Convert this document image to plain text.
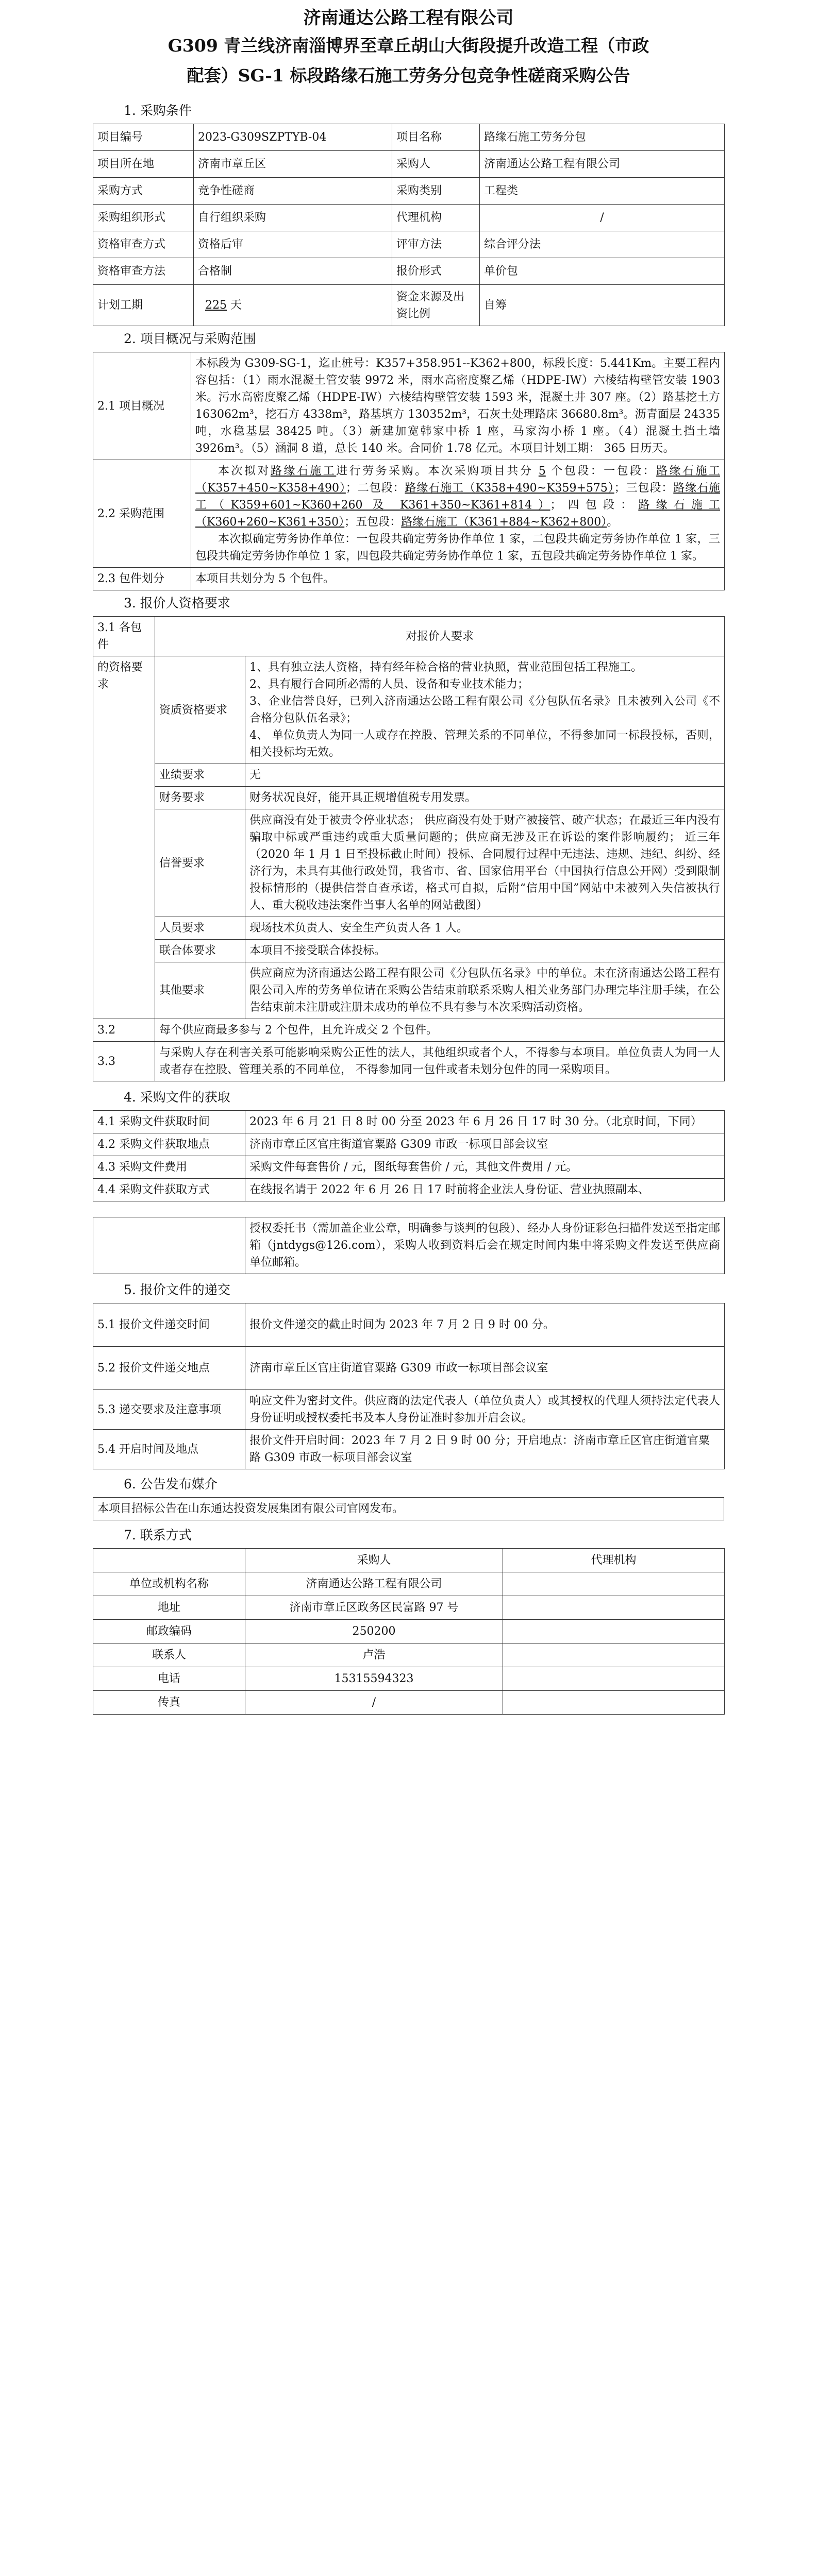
济南通达公路工程有限公司
G309 青兰线济南淄博界至章丘胡山大街段提升改造工程（市政
配套）SG-1 标段路缘石施工劳务分包竞争性磋商采购公告
1. 采购条件
项目编号	2023-G309SZPTYB-04	项目名称	路缘石施工劳务分包
项目所在地	济南市章丘区	采购人	济南通达公路工程有限公司
采购方式	竞争性磋商	采购类别	工程类
采购组织形式	自行组织采购	代理机构	/
资格审查方式	资格后审	评审方法	综合评分法
资格审查方法	合格制	报价形式	单价包
计划工期	225 天	资金来源及出资比例	自筹
2. 项目概况与采购范围
2.1 项目概况	本标段为 G309-SG-1，迄止桩号：K357+358.951--K362+800，标段长度：5.441Km。主要工程内容包括：（1）雨水混凝土管安装 9972 米，雨水高密度聚乙烯（HDPE-IW）六棱结构壁管安装 1903 米。污水高密度聚乙烯（HDPE-IW）六棱结构壁管安装 1593 米，混凝土井 307 座。（2）路基挖土方 163062m³，挖石方 4338m³，路基填方 130352m³，石灰土处理路床 36680.8m³。沥青面层 24335 吨，水稳基层 38425 吨。（3）新建加宽韩家中桥 1 座，马家沟小桥 1 座。（4）混凝土挡土墙 3926m³。（5）涵洞 8 道，总长 140 米。合同价 1.78 亿元。本项目计划工期： 365 日历天。
2.2 采购范围	本次拟对路缘石施工进行劳务采购。本次采购项目共分 5 个包段：一包段：路缘石施工（K357+450~K358+490）；二包段：路缘石施工（K358+490~K359+575）；三包段：路缘石施工（K359+601~K360+260 及 K361+350~K361+814）；四包段：路缘石施工（K360+260~K361+350）；五包段：路缘石施工（K361+884~K362+800）。

本次拟确定劳务协作单位：一包段共确定劳务协作单位 1 家，二包段共确定劳务协作单位 1 家，三包段共确定劳务协作单位 1 家，四包段共确定劳务协作单位 1 家，五包段共确定劳务协作单位 1 家。

2.3 包件划分	本项目共划分为 5 个包件。
3. 报价人资格要求
3.1 各包件	对报价人要求	
的资格要求	资质资格要求	1、具有独立法人资格，持有经年检合格的营业执照，营业范围包括工程施工。

2、具有履行合同所必需的人员、设备和专业技术能力；

3、企业信誉良好，已列入济南通达公路工程有限公司《分包队伍名录》且未被列入公司《不合格分包队伍名录》；

4、 单位负责人为同一人或存在控股、管理关系的不同单位，不得参加同一标段投标，否则，相关投标均无效。

	业绩要求	无
	财务要求	财务状况良好，能开具正规增值税专用发票。
	信誉要求	供应商没有处于被责令停业状态； 供应商没有处于财产被接管、破产状态；在最近三年内没有骗取中标或严重违约或重大质量问题的；供应商无涉及正在诉讼的案件影响履约； 近三年（2020 年 1 月 1 日至投标截止时间）投标、合同履行过程中无违法、违规、违纪、纠纷、经济行为，未具有其他行政处罚，我省市、省、国家信用平台（中国执行信息公开网）受到限制投标情形的（提供信誉自查承诺，格式可自拟，后附“信用中国”网站中未被列入失信被执行人、重大税收违法案件当事人名单的网站截图）
	人员要求	现场技术负责人、安全生产负责人各 1 人。
	联合体要求	本项目不接受联合体投标。
	其他要求	供应商应为济南通达公路工程有限公司《分包队伍名录》中的单位。未在济南通达公路工程有限公司入库的劳务单位请在采购公告结束前联系采购人相关业务部门办理完毕注册手续，在公告结束前未注册或注册未成功的单位不具有参与本次采购活动资格。
3.2	每个供应商最多参与 2 个包件，且允许成交 2 个包件。	
3.3	与采购人存在利害关系可能影响采购公正性的法人，其他组织或者个人，不得参与本项目。单位负责人为同一人或者存在控股、管理关系的不同单位， 不得参加同一包件或者未划分包件的同一采购项目。	
4. 采购文件的获取
4.1 采购文件获取时间	2023 年 6 月 21 日 8 时 00 分至 2023 年 6 月 26 日 17 时 30 分。（北京时间，下同）
4.2 采购文件获取地点	济南市章丘区官庄街道官粟路 G309 市政一标项目部会议室
4.3 采购文件费用	采购文件每套售价 / 元，图纸每套售价 / 元，其他文件费用 / 元。
4.4 采购文件获取方式	在线报名请于 2022 年 6 月 26 日 17 时前将企业法人身份证、营业执照副本、
	授权委托书（需加盖企业公章，明确参与谈判的包段）、经办人身份证彩色扫描件发送至指定邮箱（jntdygs@126.com），采购人收到资料后会在规定时间内集中将采购文件发送至供应商单位邮箱。
5. 报价文件的递交
5.1 报价文件递交时间	报价文件递交的截止时间为 2023 年 7 月 2 日 9 时 00 分。
5.2 报价文件递交地点	济南市章丘区官庄街道官粟路 G309 市政一标项目部会议室
5.3 递交要求及注意事项	响应文件为密封文件。供应商的法定代表人（单位负责人）或其授权的代理人须持法定代表人身份证明或授权委托书及本人身份证准时参加开启会议。
5.4 开启时间及地点	报价文件开启时间：2023 年 7 月 2 日 9 时 00 分；开启地点：济南市章丘区官庄街道官粟路 G309 市政一标项目部会议室
6. 公告发布媒介
本项目招标公告在山东通达投资发展集团有限公司官网发布。
7. 联系方式
	采购人	代理机构
单位或机构名称	济南通达公路工程有限公司	
地址	济南市章丘区政务区民富路 97 号	
邮政编码	250200	
联系人	卢浩	
电话	15315594323	
传真	/	
